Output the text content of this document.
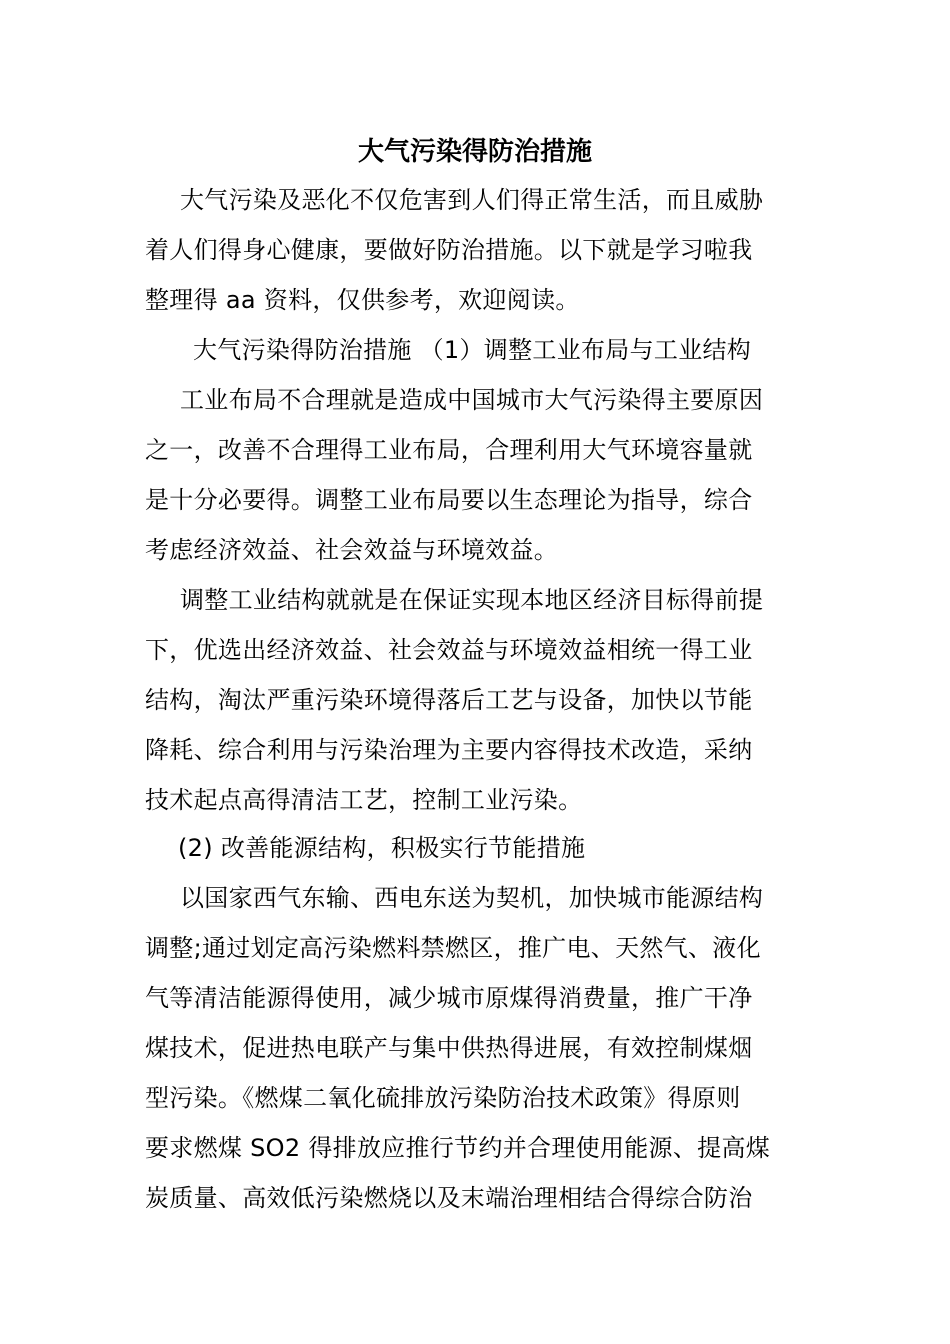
大气污染得防治措施
大气污染及恶化不仅危害到人们得正常生活，而且威胁
着人们得身心健康，要做好防治措施。以下就是学习啦我
整理得 aa 资料，仅供参考，欢迎阅读。
大气污染得防治措施 （1）调整工业布局与工业结构
工业布局不合理就是造成中国城市大气污染得主要原因
之一，改善不合理得工业布局，合理利用大气环境容量就
是十分必要得。调整工业布局要以生态理论为指导，综合
考虑经济效益、社会效益与环境效益。
调整工业结构就就是在保证实现本地区经济目标得前提
下，优选出经济效益、社会效益与环境效益相统一得工业
结构，淘汰严重污染环境得落后工艺与设备，加快以节能
降耗、综合利用与污染治理为主要内容得技术改造，采纳
技术起点高得清洁工艺，控制工业污染。
(2) 改善能源结构，积极实行节能措施
以国家西气东输、西电东送为契机，加快城市能源结构
调整;通过划定高污染燃料禁燃区，推广电、天然气、液化
气等清洁能源得使用，减少城市原煤得消费量，推广干净
煤技术，促进热电联产与集中供热得进展，有效控制煤烟
型污染。《燃煤二氧化硫排放污染防治技术政策》得原则
要求燃煤 SO2 得排放应推行节约并合理使用能源、提高煤
炭质量、高效低污染燃烧以及末端治理相结合得综合防治
